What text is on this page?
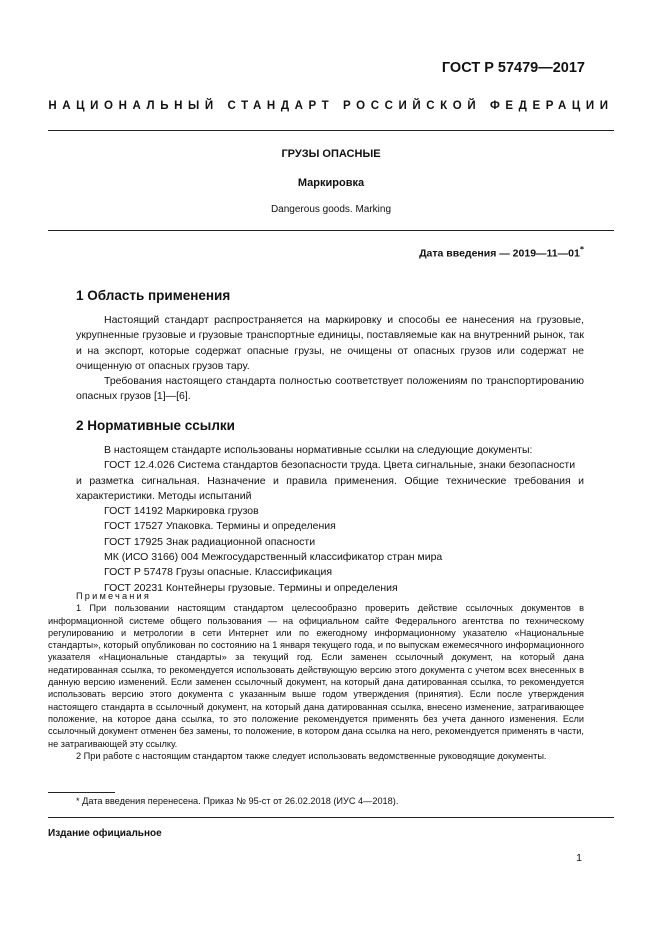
ГОСТ Р 57479—2017
НАЦИОНАЛЬНЫЙ СТАНДАРТ РОССИЙСКОЙ ФЕДЕРАЦИИ
ГРУЗЫ ОПАСНЫЕ
Маркировка
Dangerous goods. Marking
Дата введения — 2019—11—01*
1 Область применения

Настоящий стандарт распространяется на маркировку и способы ее нанесения на грузовые, укрупненные грузовые и грузовые транспортные единицы, поставляемые как на внутренний рынок, так и на экспорт, которые содержат опасные грузы, не очищены от опасных грузов или содержат не очищенную от опасных грузов тару.

Требования настоящего стандарта полностью соответствует положениям по транспортированию опасных грузов [1]—[6].

2 Нормативные ссылки

В настоящем стандарте использованы нормативные ссылки на следующие документы:

ГОСТ 12.4.026 Система стандартов безопасности труда. Цвета сигнальные, знаки безопасности

и разметка сигнальная. Назначение и правила применения. Общие технические требования и характеристики. Методы испытаний

ГОСТ 14192 Маркировка грузов

ГОСТ 17527 Упаковка. Термины и определения

ГОСТ 17925 Знак радиационной опасности

МК (ИСО 3166) 004 Межгосударственный классификатор стран мира

ГОСТ Р 57478 Грузы опасные. Классификация

ГОСТ 20231 Контейнеры грузовые. Термины и определения

Примечания

1 При пользовании настоящим стандартом целесообразно проверить действие ссылочных документов в информационной системе общего пользования — на официальном сайте Федерального агентства по техническому регулированию и метрологии в сети Интернет или по ежегодному информационному указателю «Национальные стандарты», который опубликован по состоянию на 1 января текущего года, и по выпускам ежемесячного информационного указателя «Национальные стандарты» за текущий год. Если заменен ссылочный документ, на который дана недатированная ссылка, то рекомендуется использовать действующую версию этого документа с учетом всех внесенных в данную версию изменений. Если заменен ссылочный документ, на который дана датированная ссылка, то рекомендуется использовать версию этого документа с указанным выше годом утверждения (принятия). Если после утверждения настоящего стандарта в ссылочный документ, на который дана датированная ссылка, внесено изменение, затрагивающее положение, на которое дана ссылка, то это положение рекомендуется применять без учета данного изменения. Если ссылочный документ отменен без замены, то положение, в котором дана ссылка на него, рекомендуется применять в части, не затрагивающей эту ссылку.

2 При работе с настоящим стандартом также следует использовать ведомственные руководящие документы.

* Дата введения перенесена. Приказ № 95-ст от 26.02.2018 (ИУС 4—2018).
Издание официальное
1
